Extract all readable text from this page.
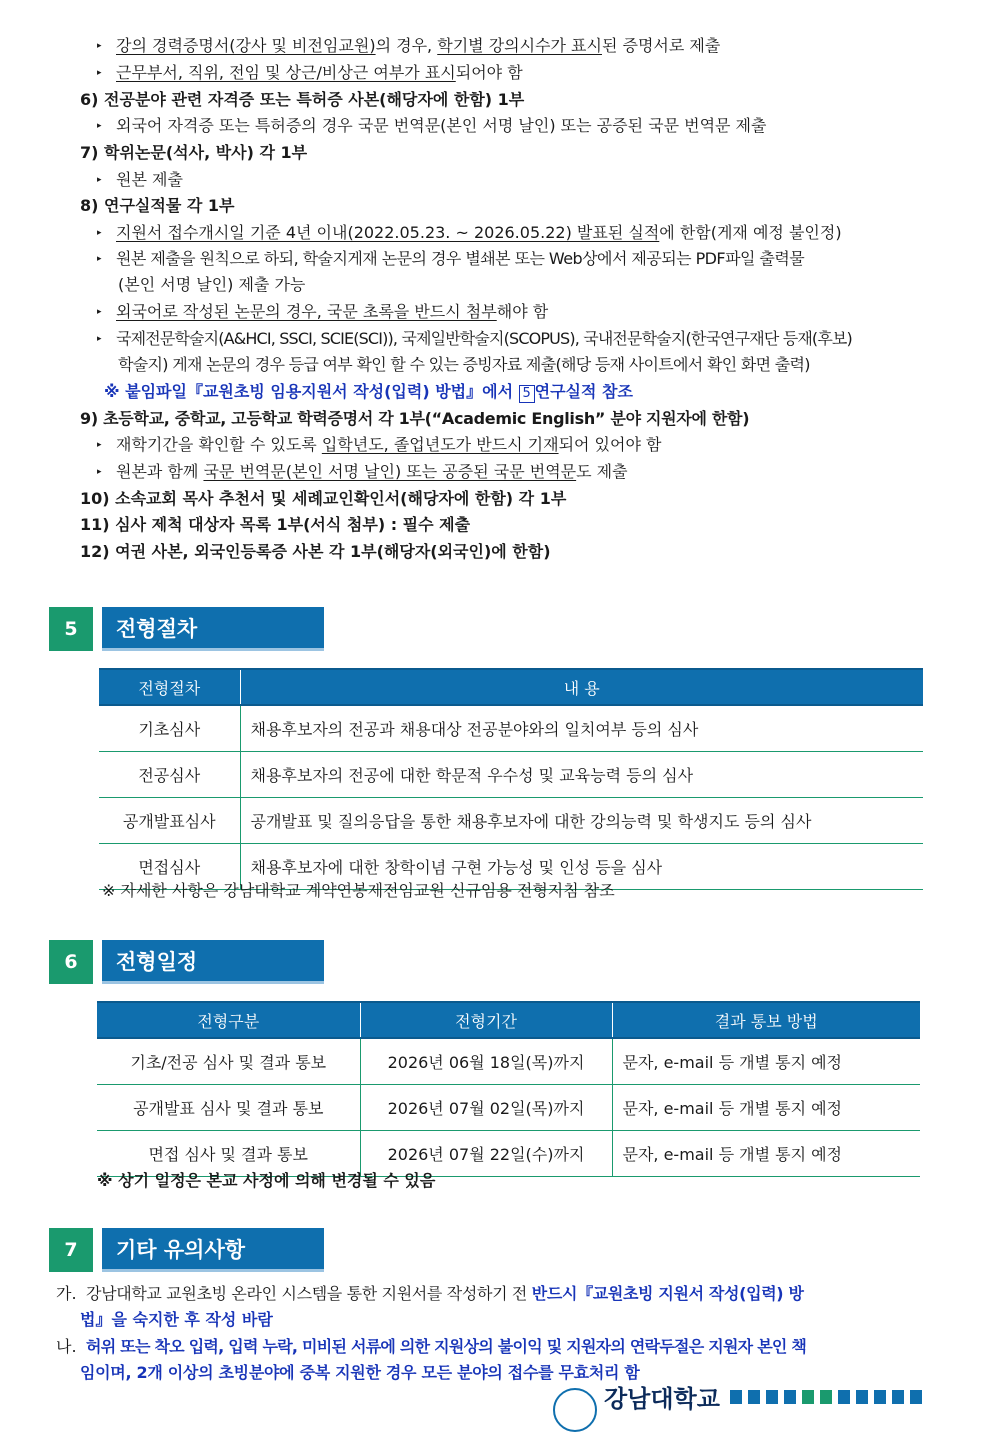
▸ 강의 경력증명서(강사 및 비전임교원)의 경우, 학기별 강의시수가 표시된 증명서로 제출
▸ 근무부서, 직위, 전임 및 상근/비상근 여부가 표시되어야 함
6) 전공분야 관련 자격증 또는 특허증 사본(해당자에 한함) 1부
▸ 외국어 자격증 또는 특허증의 경우 국문 번역문(본인 서명 날인) 또는 공증된 국문 번역문 제출
7) 학위논문(석사, 박사) 각 1부
▸ 원본 제출
8) 연구실적물 각 1부
▸ 지원서 접수개시일 기준 4년 이내(2022.05.23. ~ 2026.05.22) 발표된 실적에 한함(게재 예정 불인정)
▸ 원본 제출을 원칙으로 하되, 학술지게재 논문의 경우 별쇄본 또는 Web상에서 제공되는 PDF파일 출력물
(본인 서명 날인) 제출 가능
▸ 외국어로 작성된 논문의 경우, 국문 초록을 반드시 첨부해야 함
▸ 국제전문학술지(A&HCI, SSCI, SCIE(SCI)), 국제일반학술지(SCOPUS), 국내전문학술지(한국연구재단 등재(후보)
학술지) 게재 논문의 경우 등급 여부 확인 할 수 있는 증빙자료 제출(해당 등재 사이트에서 확인 화면 출력)
※ 붙임파일『교원초빙 임용지원서 작성(입력) 방법』에서 5 연구실적 참조
9) 초등학교, 중학교, 고등학교 학력증명서 각 1부(“Academic English” 분야 지원자에 한함)
▸ 재학기간을 확인할 수 있도록 입학년도, 졸업년도가 반드시 기재되어 있어야 함
▸ 원본과 함께 국문 번역문(본인 서명 날인) 또는 공증된 국문 번역문도 제출
10) 소속교회 목사 추천서 및 세례교인확인서(해당자에 한함) 각 1부
11) 심사 제척 대상자 목록 1부(서식 첨부) : 필수 제출
12) 여권 사본, 외국인등록증 사본 각 1부(해당자(외국인)에 한함)
5	전형절차
전형절차	내 용
기초심사	채용후보자의 전공과 채용대상 전공분야와의 일치여부 등의 심사
전공심사	채용후보자의 전공에 대한 학문적 우수성 및 교육능력 등의 심사
공개발표심사	공개발표 및 질의응답을 통한 채용후보자에 대한 강의능력 및 학생지도 등의 심사
면접심사	채용후보자에 대한 창학이념 구현 가능성 및 인성 등을 심사
※ 자세한 사항은 강남대학교 계약연봉제전임교원 신규임용 전형지침 참조
6	전형일정
전형구분	전형기간	결과 통보 방법
기초/전공 심사 및 결과 통보	2026년 06월 18일(목)까지	문자, e-mail 등 개별 통지 예정
공개발표 심사 및 결과 통보	2026년 07월 02일(목)까지	문자, e-mail 등 개별 통지 예정
면접 심사 및 결과 통보	2026년 07월 22일(수)까지	문자, e-mail 등 개별 통지 예정
※ 상기 일정은 본교 사정에 의해 변경될 수 있음
7	기타 유의사항
가. 강남대학교 교원초빙 온라인 시스템을 통한 지원서를 작성하기 전 반드시『교원초빙 지원서 작성(입력) 방
법』을 숙지한 후 작성 바람
나. 허위 또는 착오 입력, 입력 누락, 미비된 서류에 의한 지원상의 불이익 및 지원자의 연락두절은 지원자 본인 책
임이며, 2개 이상의 초빙분야에 중복 지원한 경우 모든 분야의 접수를 무효처리 함
강남대학교
